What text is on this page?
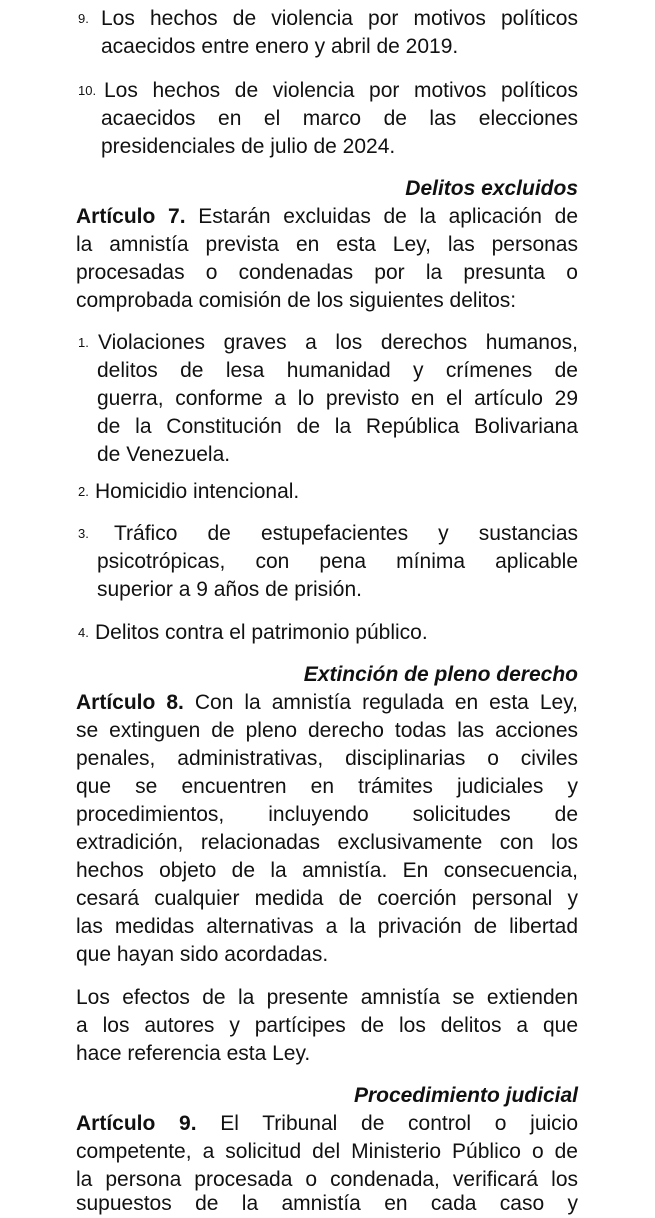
9. Los hechos de violencia por motivos políticos

acaecidos entre enero y abril de 2019.

10. Los hechos de violencia por motivos políticos

acaecidos en el marco de las elecciones

presidenciales de julio de 2024.

Delitos excluidos

Artículo 7. Estarán excluidas de la aplicación de

la amnistía prevista en esta Ley, las personas

procesadas o condenadas por la presunta o

comprobada comisión de los siguientes delitos:

1. Violaciones graves a los derechos humanos,

delitos de lesa humanidad y crímenes de

guerra, conforme a lo previsto en el artículo 29

de la Constitución de la República Bolivariana

de Venezuela.

2. Homicidio intencional.

3. Tráfico de estupefacientes y sustancias

psicotrópicas, con pena mínima aplicable

superior a 9 años de prisión.

4. Delitos contra el patrimonio público.

Extinción de pleno derecho

Artículo 8. Con la amnistía regulada en esta Ley,

se extinguen de pleno derecho todas las acciones

penales, administrativas, disciplinarias o civiles

que se encuentren en trámites judiciales y

procedimientos, incluyendo solicitudes de

extradición, relacionadas exclusivamente con los

hechos objeto de la amnistía. En consecuencia,

cesará cualquier medida de coerción personal y

las medidas alternativas a la privación de libertad

que hayan sido acordadas.

Los efectos de la presente amnistía se extienden

a los autores y partícipes de los delitos a que

hace referencia esta Ley.

Procedimiento judicial

Artículo 9. El Tribunal de control o juicio

competente, a solicitud del Ministerio Público o de

la persona procesada o condenada, verificará los

supuestos de la amnistía en cada caso y
